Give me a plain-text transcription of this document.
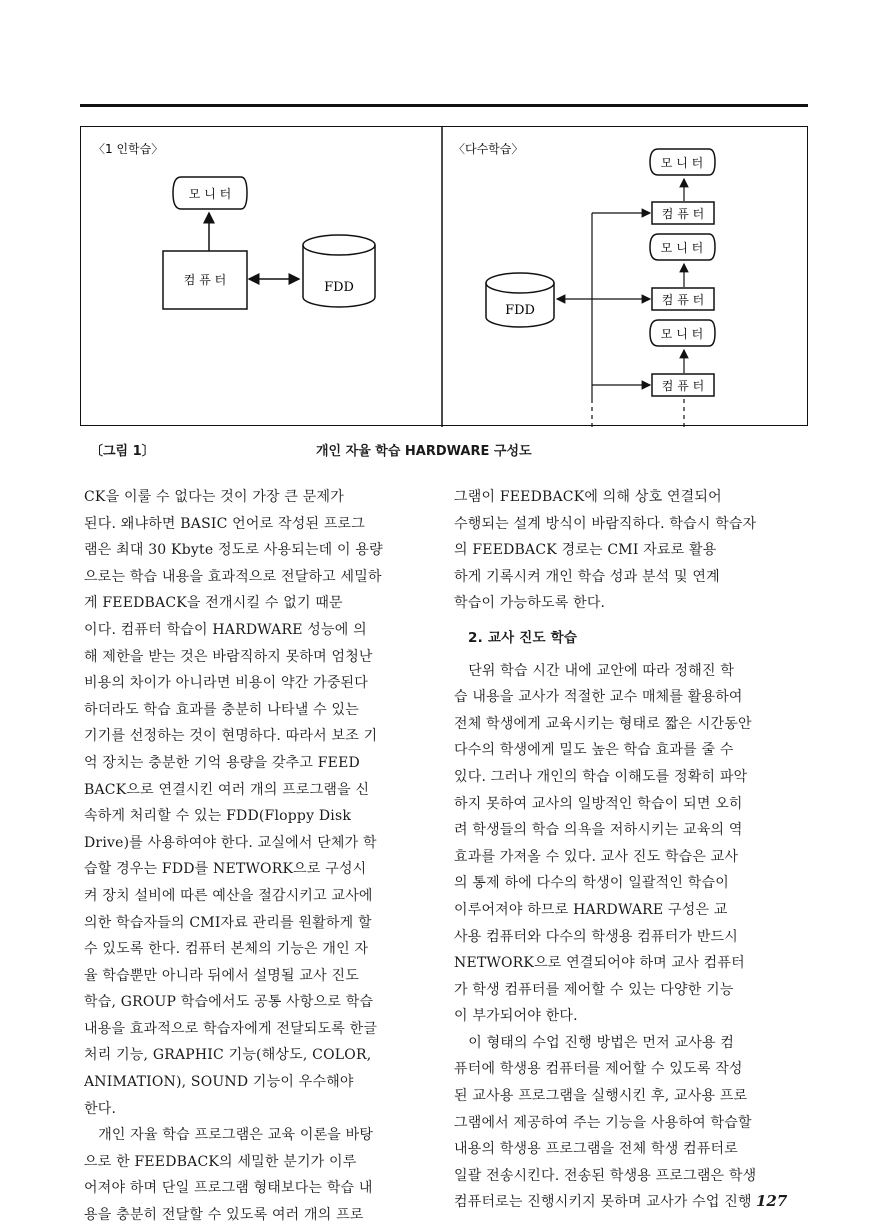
〈1 인학습〉
모 니 터
컴 퓨 터	FDD
〈다수학습〉
모 니 터
컴 퓨 터
모 니 터
컴 퓨 터
모 니 터
컴 퓨 터
FDD
〔그림 1〕	개인 자율 학습 HARDWARE 구성도

CK을 이룰 수 없다는 것이 가장 큰 문제가
된다. 왜냐하면 BASIC 언어로 작성된 프로그
램은 최대 30 Kbyte 정도로 사용되는데 이 용량
으로는 학습 내용을 효과적으로 전달하고 세밀하
게 FEEDBACK을 전개시킬 수 없기 때문
이다. 컴퓨터 학습이 HARDWARE 성능에 의
해 제한을 받는 것은 바람직하지 못하며 엄청난
비용의 차이가 아니라면 비용이 약간 가중된다
하더라도 학습 효과를 충분히 나타낼 수 있는
기기를 선정하는 것이 현명하다. 따라서 보조 기
억 장치는 충분한 기억 용량을 갖추고 FEED
BACK으로 연결시킨 여러 개의 프로그램을 신
속하게 처리할 수 있는 FDD(Floppy Disk
Drive)를 사용하여야 한다. 교실에서 단체가 학
습할 경우는 FDD를 NETWORK으로 구성시
켜 장치 설비에 따른 예산을 절감시키고 교사에
의한 학습자들의 CMI자료 관리를 원활하게 할
수 있도록 한다. 컴퓨터 본체의 기능은 개인 자
율 학습뿐만 아니라 뒤에서 설명될 교사 진도
학습, GROUP 학습에서도 공통 사항으로 학습
내용을 효과적으로 학습자에게 전달되도록 한글
처리 기능, GRAPHIC 기능(해상도, COLOR,
ANIMATION), SOUND 기능이 우수해야
한다.
　개인 자율 학습 프로그램은 교육 이론을 바탕
으로 한 FEEDBACK의 세밀한 분기가 이루
어져야 하며 단일 프로그램 형태보다는 학습 내
용을 충분히 전달할 수 있도록 여러 개의 프로

그램이 FEEDBACK에 의해 상호 연결되어
수행되는 설계 방식이 바람직하다. 학습시 학습자
의 FEEDBACK 경로는 CMI 자료로 활용
하게 기록시켜 개인 학습 성과 분석 및 연계
학습이 가능하도록 한다.

2. 교사 진도 학습

　단위 학습 시간 내에 교안에 따라 정해진 학
습 내용을 교사가 적절한 교수 매체를 활용하여
전체 학생에게 교육시키는 형태로 짧은 시간동안
다수의 학생에게 밀도 높은 학습 효과를 줄 수
있다. 그러나 개인의 학습 이해도를 정확히 파악
하지 못하여 교사의 일방적인 학습이 되면 오히
려 학생들의 학습 의욕을 저하시키는 교육의 역
효과를 가져올 수 있다. 교사 진도 학습은 교사
의 통제 하에 다수의 학생이 일괄적인 학습이
이루어져야 하므로 HARDWARE 구성은 교
사용 컴퓨터와 다수의 학생용 컴퓨터가 반드시
NETWORK으로 연결되어야 하며 교사 컴퓨터
가 학생 컴퓨터를 제어할 수 있는 다양한 기능
이 부가되어야 한다.
　이 형태의 수업 진행 방법은 먼저 교사용 컴
퓨터에 학생용 컴퓨터를 제어할 수 있도록 작성
된 교사용 프로그램을 실행시킨 후, 교사용 프로
그램에서 제공하여 주는 기능을 사용하여 학습할
내용의 학생용 프로그램을 전체 학생 컴퓨터로
일괄 전송시킨다. 전송된 학생용 프로그램은 학생
컴퓨터로는 진행시키지 못하며 교사가 수업 진행 127
